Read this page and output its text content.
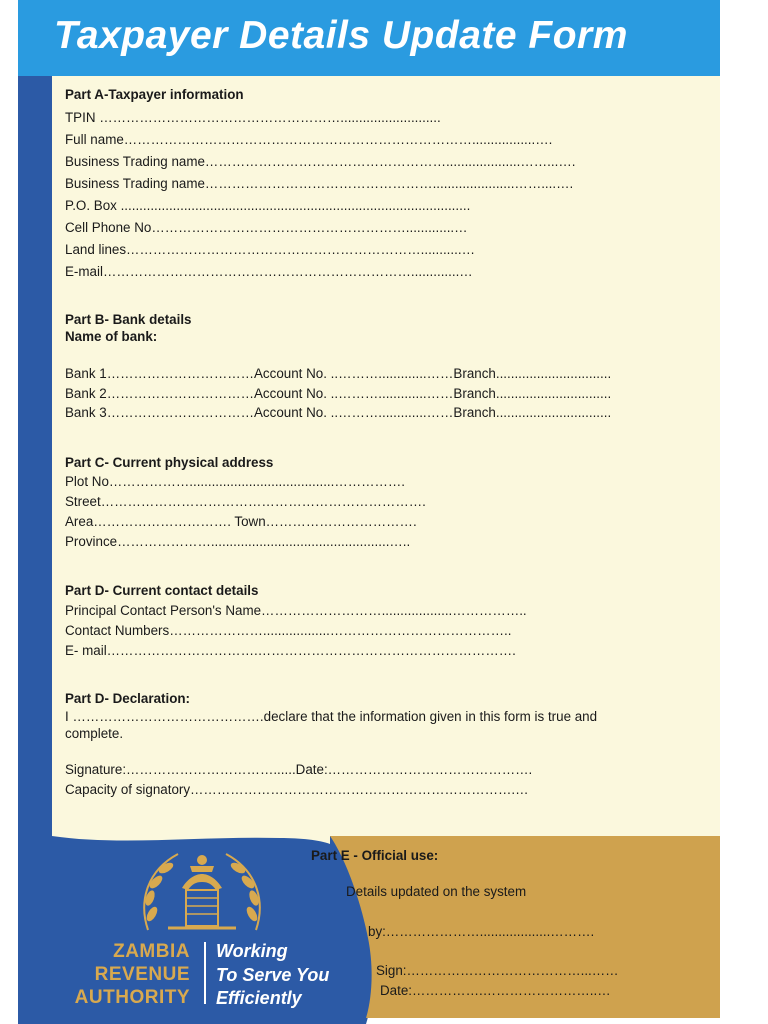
Taxpayer Details Update Form
Part A-Taxpayer information
TPIN ………………………………………………...........................
Full name…………………………………………………………………….................….
Business Trading name………………………………………………....................……...….
Business Trading name……………………………………………......................……....….
P.O. Box ..............................................................................................
Cell Phone No………………………………………………….............…
Land lines…………………………………………………………...........…
E-mail…………………………………………………………….............…
Part B- Bank details
Name of bank:
Bank 1……………………………Account No. ..……….............……Branch...............................
Bank 2……………………………Account No. ..……….............……Branch...............................
Bank 3……………………………Account No. ..……….............……Branch...............................
Part C- Current physical address
Plot No……………….......................................…………….
Street……………………………………………………………….
Area…………………………. Town…………………………….
Province…………………................................................…..
Part D- Current contact details
Principal Contact Person's Name………………………...................……………..
Contact Numbers…………………..................…………………………………..
E- mail…………………………….………………………………………………….
Part D- Declaration:
I …………………………………….declare that the information given in this form is true and
complete.
Signature:……………………………......Date:……………………………………….
Capacity of signatory……………………………………………………………….…
Part E - Official use:
Details updated on the system
by:…………………...................……….
Sign:…………………………………...……
Date:…………….……………………..…
ZAMBIA
REVENUE
AUTHORITY
Working
To Serve You
Efficiently
